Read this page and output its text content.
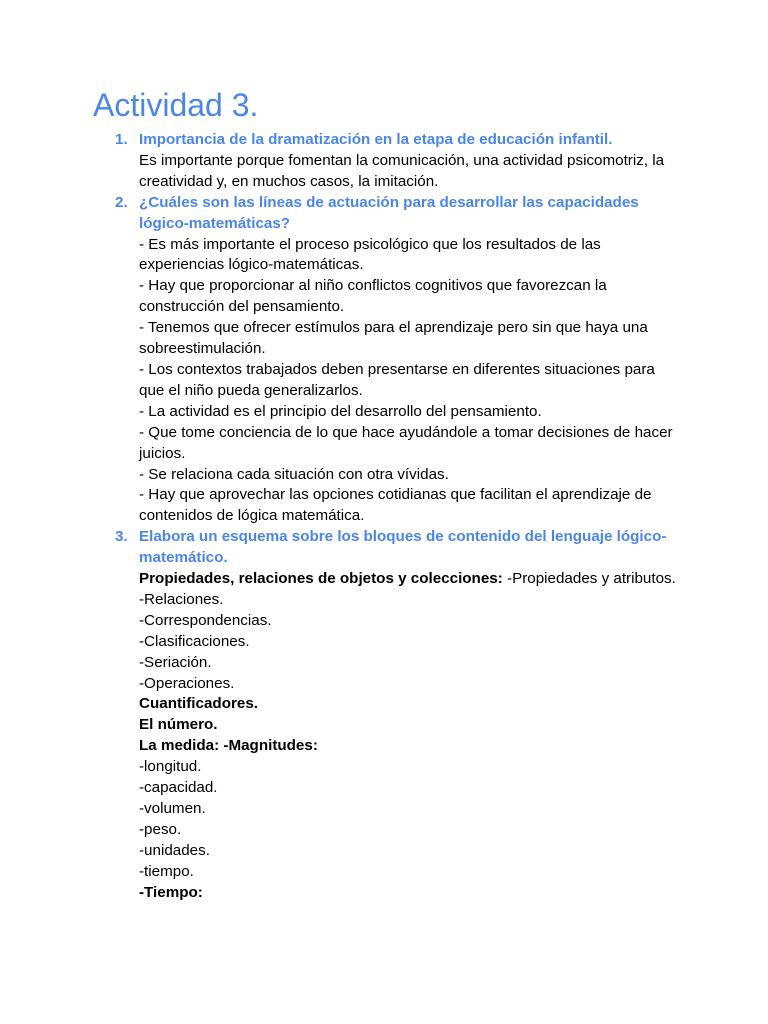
Actividad 3.
1. Importancia de la dramatización en la etapa de educación infantil.

Es importante porque fomentan la comunicación, una actividad psicomotriz, la creatividad y, en muchos casos, la imitación.

2. ¿Cuáles son las líneas de actuación para desarrollar las capacidades lógico-matemáticas?

- Es más importante el proceso psicológico que los resultados de las experiencias lógico-matemáticas.

- Hay que proporcionar al niño conflictos cognitivos que favorezcan la construcción del pensamiento.

- Tenemos que ofrecer estímulos para el aprendizaje pero sin que haya una sobreestimulación.

- Los contextos trabajados deben presentarse en diferentes situaciones para que el niño pueda generalizarlos.

- La actividad es el principio del desarrollo del pensamiento.

- Que tome conciencia de lo que hace ayudándole a tomar decisiones de hacer juicios.

- Se relaciona cada situación con otra vívidas.

- Hay que aprovechar las opciones cotidianas que facilitan el aprendizaje de contenidos de lógica matemática.

3. Elabora un esquema sobre los bloques de contenido del lenguaje lógico-matemático.

Propiedades, relaciones de objetos y colecciones: -Propiedades y atributos.

-Relaciones.

-Correspondencias.

-Clasificaciones.

-Seriación.

-Operaciones.

Cuantificadores.

El número.

La medida: -Magnitudes:

-longitud.

-capacidad.

-volumen.

-peso.

-unidades.

-tiempo.

-Tiempo:
